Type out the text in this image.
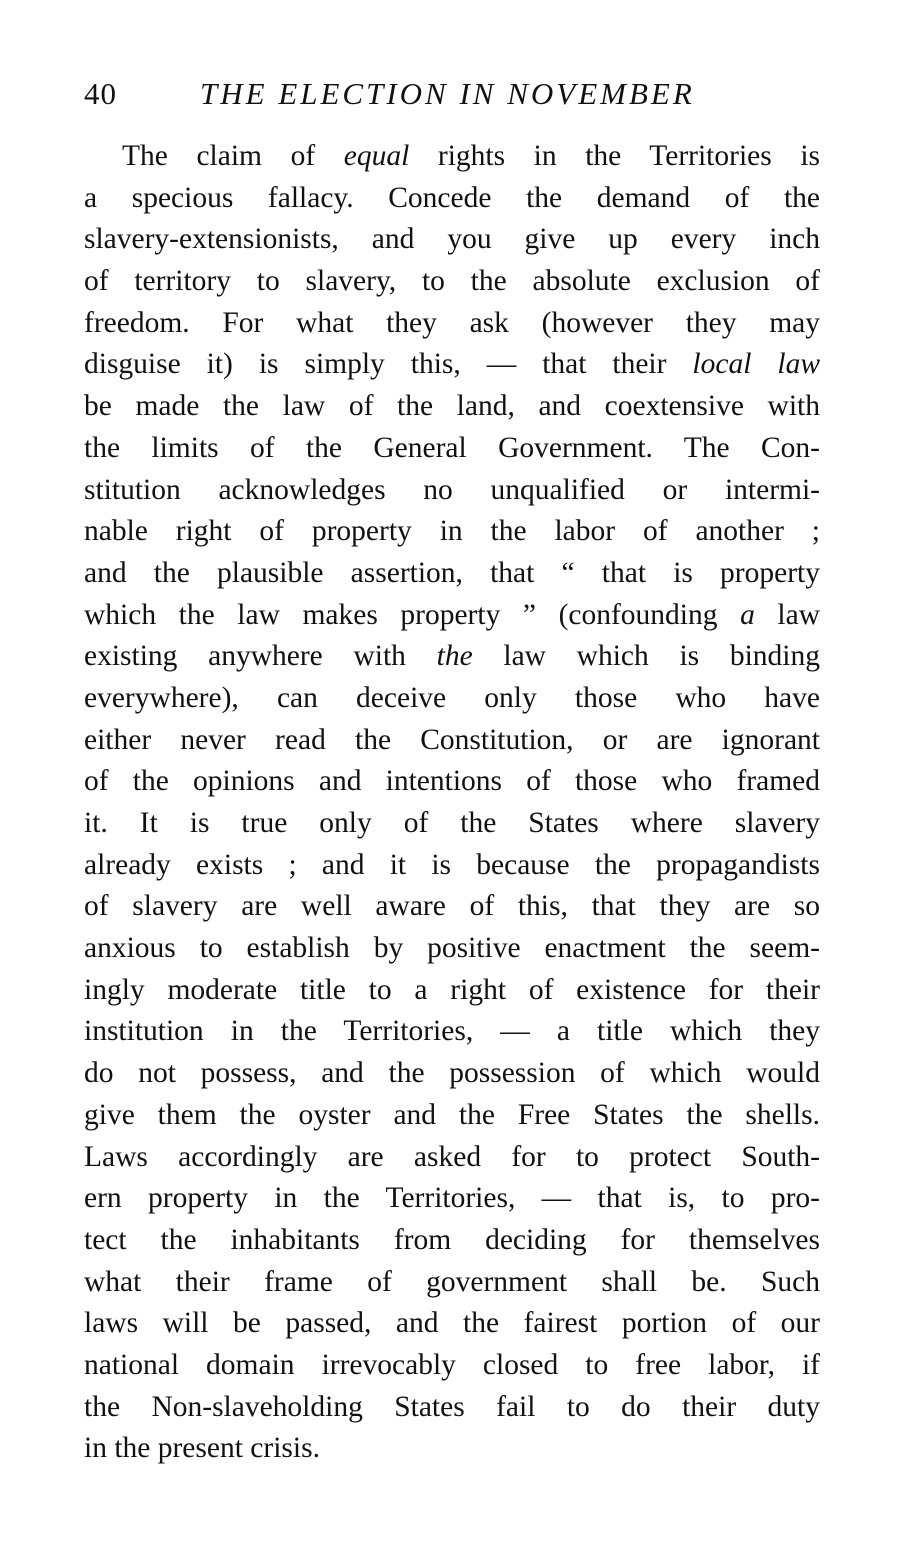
40	THE ELECTION IN NOVEMBER
The claim of equal rights in the Territories is
a specious fallacy. Concede the demand of the
slavery-extensionists, and you give up every inch
of territory to slavery, to the absolute exclusion of
freedom. For what they ask (however they may
disguise it) is simply this, — that their local law
be made the law of the land, and coextensive with
the limits of the General Government. The Con-
stitution acknowledges no unqualified or intermi-
nable right of property in the labor of another ;
and the plausible assertion, that “ that is property
which the law makes property ” (confounding a law
existing anywhere with the law which is binding
everywhere), can deceive only those who have
either never read the Constitution, or are ignorant
of the opinions and intentions of those who framed
it. It is true only of the States where slavery
already exists ; and it is because the propagandists
of slavery are well aware of this, that they are so
anxious to establish by positive enactment the seem-
ingly moderate title to a right of existence for their
institution in the Territories, — a title which they
do not possess, and the possession of which would
give them the oyster and the Free States the shells.
Laws accordingly are asked for to protect South-
ern property in the Territories, — that is, to pro-
tect the inhabitants from deciding for themselves
what their frame of government shall be. Such
laws will be passed, and the fairest portion of our
national domain irrevocably closed to free labor, if
the Non-slaveholding States fail to do their duty
in the present crisis.
